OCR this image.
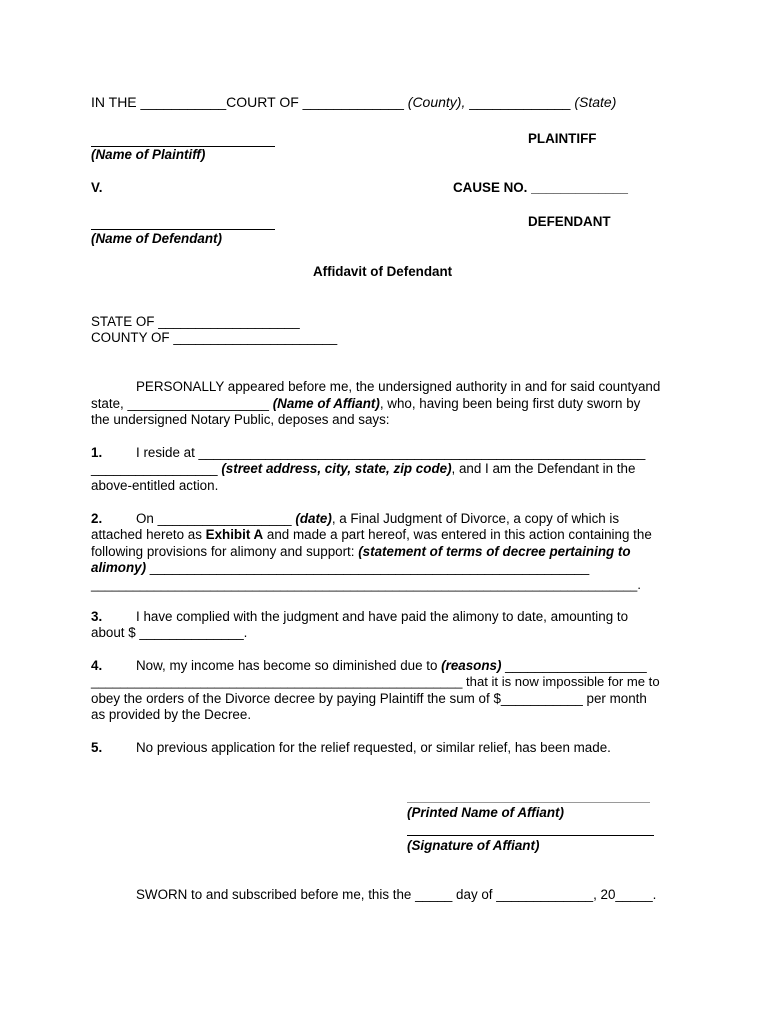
IN THE ___________COURT OF _____________ (County), _____________ (State)
PLAINTIFF
(Name of Plaintiff)
V.	CAUSE NO. _____________
DEFENDANT
(Name of Defendant)
Affidavit of Defendant
STATE OF ___________________
COUNTY OF ______________________
PERSONALLY appeared before me, the undersigned authority in and for said countyand
state, ___________________ (Name of Affiant), who, having been being first duty sworn by
the undersigned Notary Public, deposes and says:
1.	I reside at ____________________________________________________________
_________________ (street address, city, state, zip code), and I am the Defendant in the
above-entitled action.
2.	On __________________ (date), a Final Judgment of Divorce, a copy of which is
attached hereto as Exhibit A and made a part hereof, was entered in this action containing the
following provisions for alimony and support: (statement of terms of decree pertaining to
alimony) ___________________________________________________________
______________________________________________________________________________.
3.	I have complied with the judgment and have paid the alimony to date, amounting to
about $ ______________.
4.	Now, my income has become so diminished due to (reasons) ___________________
___________________________________________________ that it is now impossible for me to
obey the orders of the Divorce decree by paying Plaintiff the sum of $___________ per month
as provided by the Decree.
5.	No previous application for the relief requested, or similar relief, has been made.
(Printed Name of Affiant)
(Signature of Affiant)
SWORN to and subscribed before me, this the _____ day of _____________, 20_____.
